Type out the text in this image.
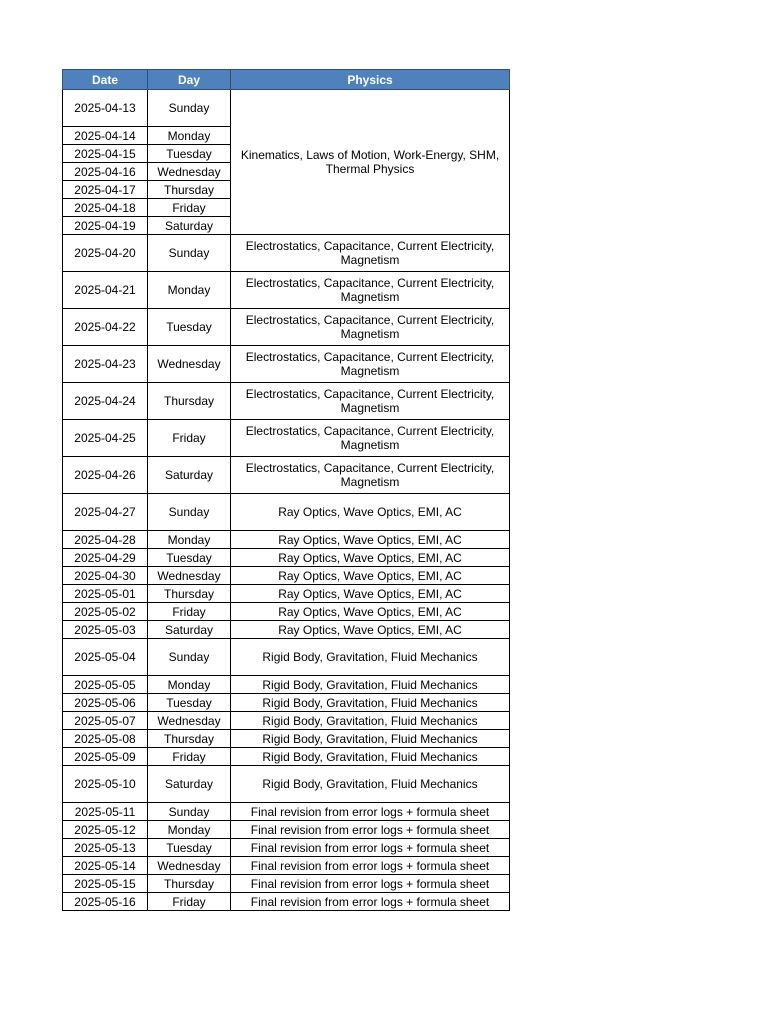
Date	Day	Physics
2025-04-13	Sunday	Kinematics, Laws of Motion, Work-Energy, SHM, Thermal Physics
2025-04-14	Monday	
2025-04-15	Tuesday	
2025-04-16	Wednesday	
2025-04-17	Thursday	
2025-04-18	Friday	
2025-04-19	Saturday	
2025-04-20	Sunday	Electrostatics, Capacitance, Current Electricity, Magnetism
2025-04-21	Monday	Electrostatics, Capacitance, Current Electricity, Magnetism
2025-04-22	Tuesday	Electrostatics, Capacitance, Current Electricity, Magnetism
2025-04-23	Wednesday	Electrostatics, Capacitance, Current Electricity, Magnetism
2025-04-24	Thursday	Electrostatics, Capacitance, Current Electricity, Magnetism
2025-04-25	Friday	Electrostatics, Capacitance, Current Electricity, Magnetism
2025-04-26	Saturday	Electrostatics, Capacitance, Current Electricity, Magnetism
2025-04-27	Sunday	Ray Optics, Wave Optics, EMI, AC
2025-04-28	Monday	Ray Optics, Wave Optics, EMI, AC
2025-04-29	Tuesday	Ray Optics, Wave Optics, EMI, AC
2025-04-30	Wednesday	Ray Optics, Wave Optics, EMI, AC
2025-05-01	Thursday	Ray Optics, Wave Optics, EMI, AC
2025-05-02	Friday	Ray Optics, Wave Optics, EMI, AC
2025-05-03	Saturday	Ray Optics, Wave Optics, EMI, AC
2025-05-04	Sunday	Rigid Body, Gravitation, Fluid Mechanics
2025-05-05	Monday	Rigid Body, Gravitation, Fluid Mechanics
2025-05-06	Tuesday	Rigid Body, Gravitation, Fluid Mechanics
2025-05-07	Wednesday	Rigid Body, Gravitation, Fluid Mechanics
2025-05-08	Thursday	Rigid Body, Gravitation, Fluid Mechanics
2025-05-09	Friday	Rigid Body, Gravitation, Fluid Mechanics
2025-05-10	Saturday	Rigid Body, Gravitation, Fluid Mechanics
2025-05-11	Sunday	Final revision from error logs + formula sheet
2025-05-12	Monday	Final revision from error logs + formula sheet
2025-05-13	Tuesday	Final revision from error logs + formula sheet
2025-05-14	Wednesday	Final revision from error logs + formula sheet
2025-05-15	Thursday	Final revision from error logs + formula sheet
2025-05-16	Friday	Final revision from error logs + formula sheet
